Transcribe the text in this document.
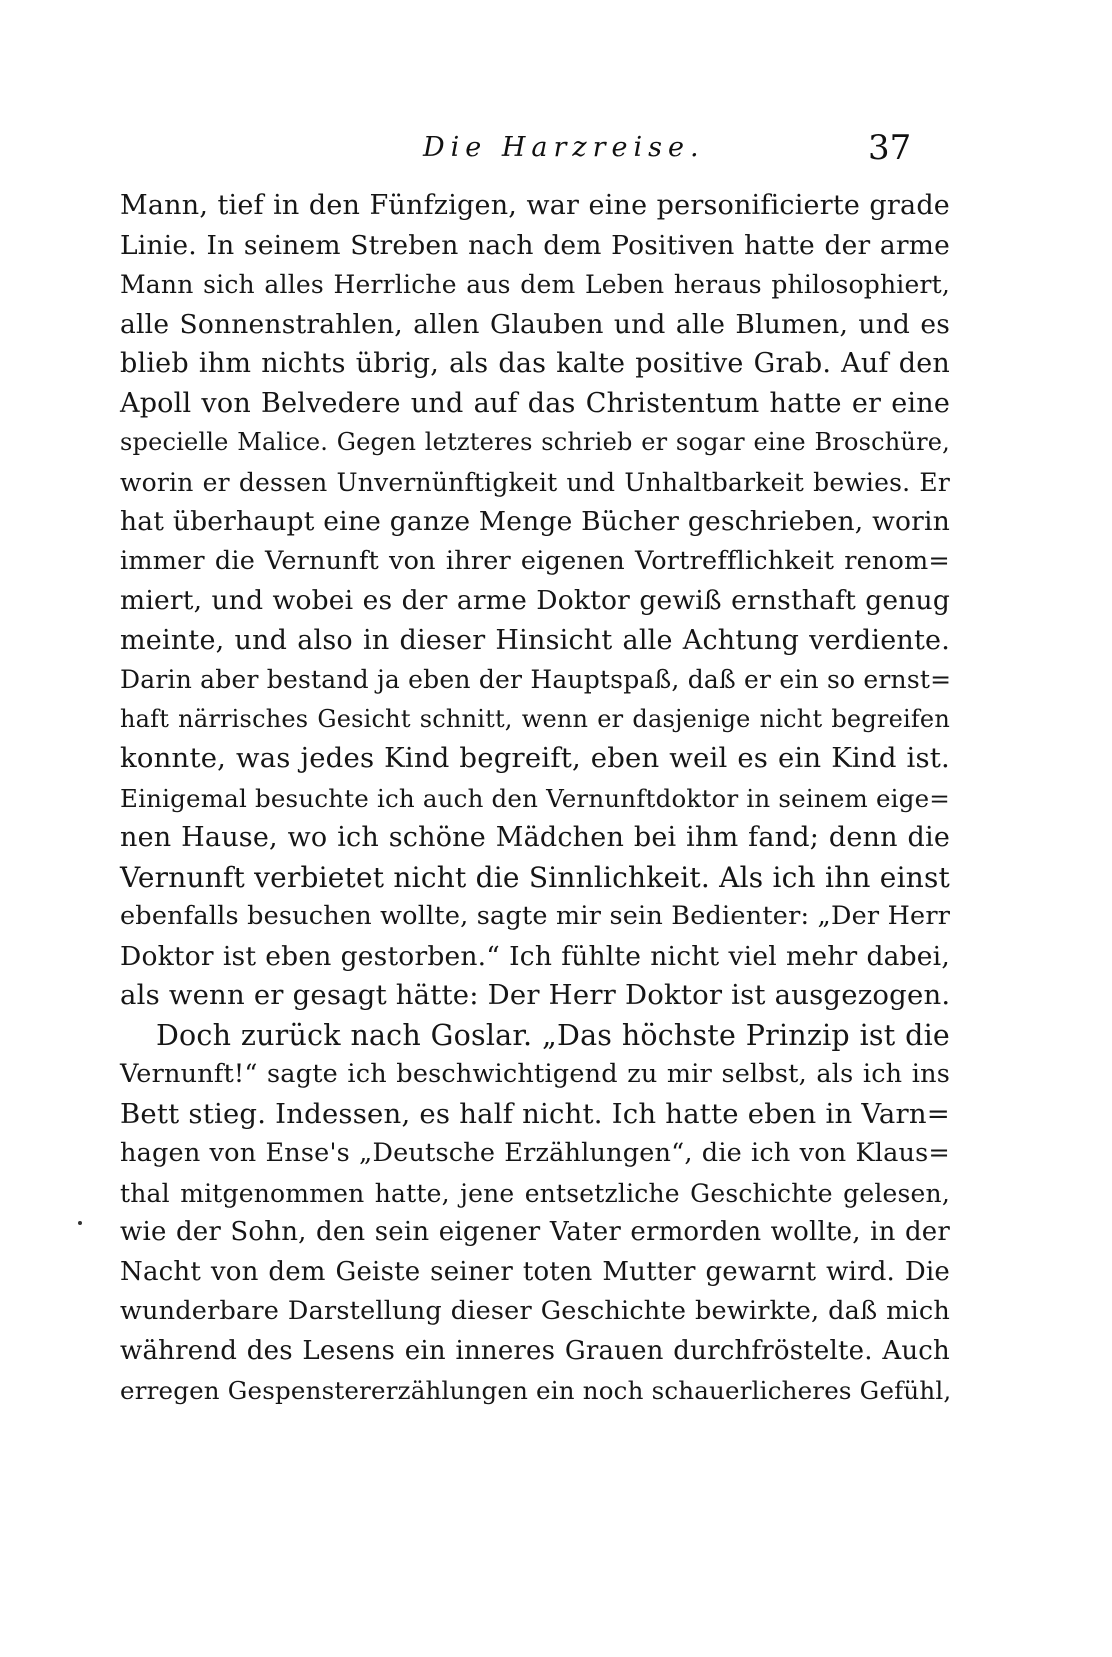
Die Harzreise.	37
Mann, tief in den Fünfzigen, war eine personificierte grade
Linie. In seinem Streben nach dem Positiven hatte der arme
Mann sich alles Herrliche aus dem Leben heraus philosophiert,
alle Sonnenstrahlen, allen Glauben und alle Blumen, und es
blieb ihm nichts übrig, als das kalte positive Grab. Auf den
Apoll von Belvedere und auf das Christentum hatte er eine
specielle Malice. Gegen letzteres schrieb er sogar eine Broschüre,
worin er dessen Unvernünftigkeit und Unhaltbarkeit bewies. Er
hat überhaupt eine ganze Menge Bücher geschrieben, worin
immer die Vernunft von ihrer eigenen Vortrefflichkeit renom=
miert, und wobei es der arme Doktor gewiß ernsthaft genug
meinte, und also in dieser Hinsicht alle Achtung verdiente.
Darin aber bestand ja eben der Hauptspaß, daß er ein so ernst=
haft närrisches Gesicht schnitt, wenn er dasjenige nicht begreifen
konnte, was jedes Kind begreift, eben weil es ein Kind ist.
Einigemal besuchte ich auch den Vernunftdoktor in seinem eige=
nen Hause, wo ich schöne Mädchen bei ihm fand; denn die
Vernunft verbietet nicht die Sinnlichkeit. Als ich ihn einst
ebenfalls besuchen wollte, sagte mir sein Bedienter: „Der Herr
Doktor ist eben gestorben.“ Ich fühlte nicht viel mehr dabei,
als wenn er gesagt hätte: Der Herr Doktor ist ausgezogen.
Doch zurück nach Goslar. „Das höchste Prinzip ist die
Vernunft!“ sagte ich beschwichtigend zu mir selbst, als ich ins
Bett stieg. Indessen, es half nicht. Ich hatte eben in Varn=
hagen von Ense's „Deutsche Erzählungen“, die ich von Klaus=
thal mitgenommen hatte, jene entsetzliche Geschichte gelesen,
wie der Sohn, den sein eigener Vater ermorden wollte, in der
Nacht von dem Geiste seiner toten Mutter gewarnt wird. Die
wunderbare Darstellung dieser Geschichte bewirkte, daß mich
während des Lesens ein inneres Grauen durchfröstelte. Auch
erregen Gespenstererzählungen ein noch schauerlicheres Gefühl,
